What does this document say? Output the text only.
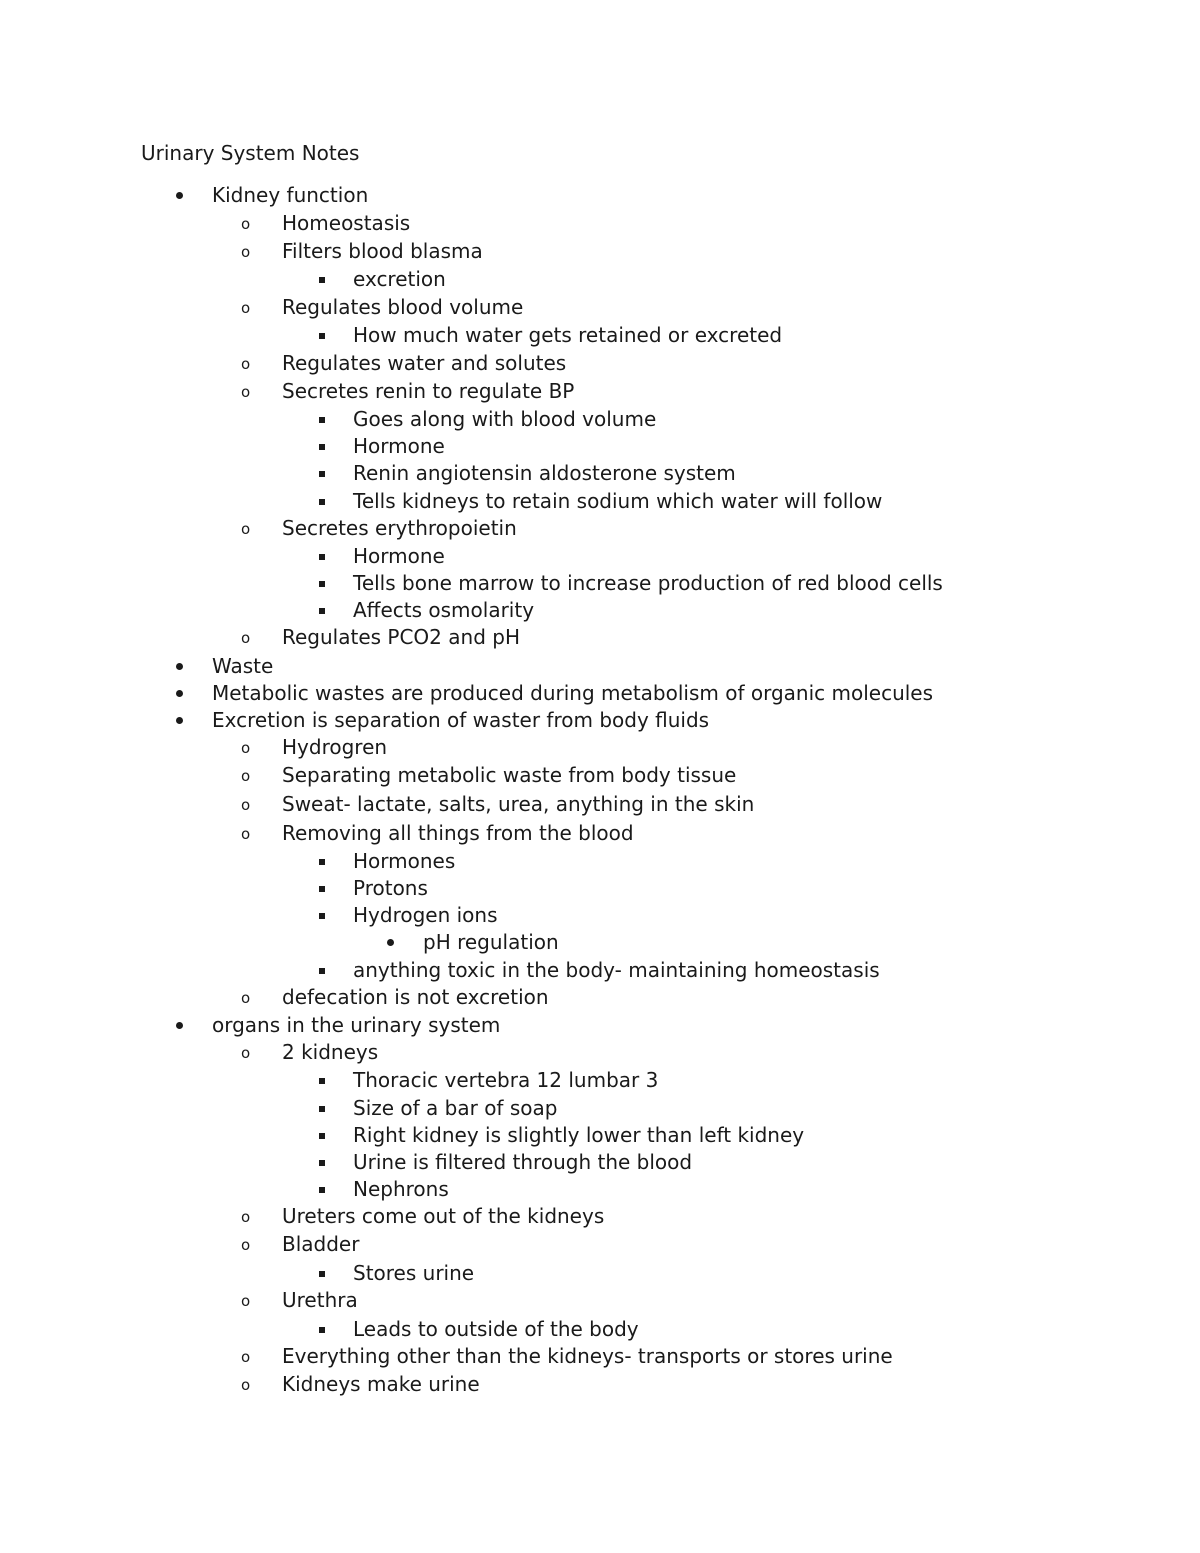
Urinary System Notes
Kidney function
Homeostasis
Filters blood blasma
excretion
Regulates blood volume
How much water gets retained or excreted
Regulates water and solutes
Secretes renin to regulate BP
Goes along with blood volume
Hormone
Renin angiotensin aldosterone system
Tells kidneys to retain sodium which water will follow
Secretes erythropoietin
Hormone
Tells bone marrow to increase production of red blood cells
Affects osmolarity
Regulates PCO2 and pH
Waste
Metabolic wastes are produced during metabolism of organic molecules
Excretion is separation of waster from body fluids
Hydrogren
Separating metabolic waste from body tissue
Sweat- lactate, salts, urea, anything in the skin
Removing all things from the blood
Hormones
Protons
Hydrogen ions
pH regulation
anything toxic in the body- maintaining homeostasis
defecation is not excretion
organs in the urinary system
2 kidneys
Thoracic vertebra 12 lumbar 3
Size of a bar of soap
Right kidney is slightly lower than left kidney
Urine is filtered through the blood
Nephrons
Ureters come out of the kidneys
Bladder
Stores urine
Urethra
Leads to outside of the body
Everything other than the kidneys- transports or stores urine
Kidneys make urine
